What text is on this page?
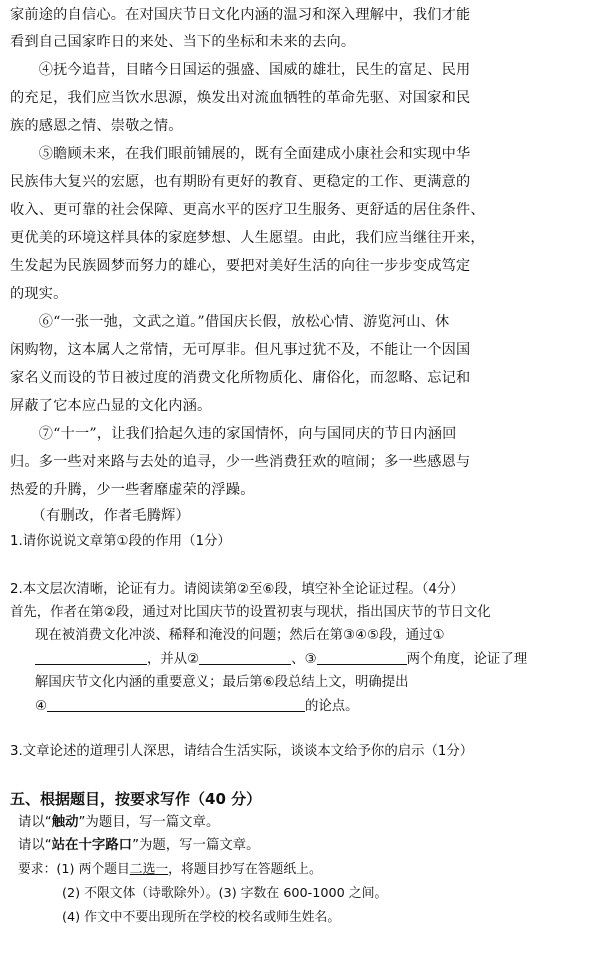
家前途的自信心。在对国庆节日文化内涵的温习和深入理解中，我们才能
看到自己国家昨日的来处、当下的坐标和未来的去向。
　　④抚今追昔，目睹今日国运的强盛、国威的雄壮，民生的富足、民用
的充足，我们应当饮水思源，焕发出对流血牺牲的革命先驱、对国家和民
族的感恩之情、崇敬之情。
　　⑤瞻顾未来，在我们眼前铺展的，既有全面建成小康社会和实现中华
民族伟大复兴的宏愿，也有期盼有更好的教育、更稳定的工作、更满意的
收入、更可靠的社会保障、更高水平的医疗卫生服务、更舒适的居住条件、
更优美的环境这样具体的家庭梦想、人生愿望。由此，我们应当继往开来，
生发起为民族圆梦而努力的雄心，要把对美好生活的向往一步步变成笃定
的现实。
　　⑥“一张一弛，文武之道。”借国庆长假，放松心情、游览河山、休
闲购物，这本属人之常情，无可厚非。但凡事过犹不及，不能让一个因国
家名义而设的节日被过度的消费文化所物质化、庸俗化，而忽略、忘记和
屏蔽了它本应凸显的文化内涵。
　　⑦“十一”，让我们拾起久违的家国情怀，向与国同庆的节日内涵回
归。多一些对来路与去处的追寻，少一些消费狂欢的喧闹；多一些感恩与
热爱的升腾，少一些奢靡虚荣的浮躁。
　　（有删改，作者毛腾辉）
1.请你说说文章第①段的作用（1分）
2.本文层次清晰，论证有力。请阅读第②至⑥段，填空补全论证过程。（4分）
首先，作者在第②段，通过对比国庆节的设置初衷与现状，指出国庆节的节日文化
现在被消费文化冲淡、稀释和淹没的问题；然后在第③④⑤段，通过①
，并从②	、③	两个角度，论证了理
解国庆节文化内涵的重要意义；最后第⑥段总结上文，明确提出
④	的论点。
3.文章论述的道理引人深思，请结合生活实际，谈谈本文给予你的启示（1分）
五、根据题目，按要求写作（40 分）
请以“触动”为题目，写一篇文章。
请以“站在十字路口”为题，写一篇文章。
要求：(1) 两个题目二选一，将题目抄写在答题纸上。
(2) 不限文体（诗歌除外）。(3) 字数在 600-1000 之间。
(4) 作文中不要出现所在学校的校名或师生姓名。
